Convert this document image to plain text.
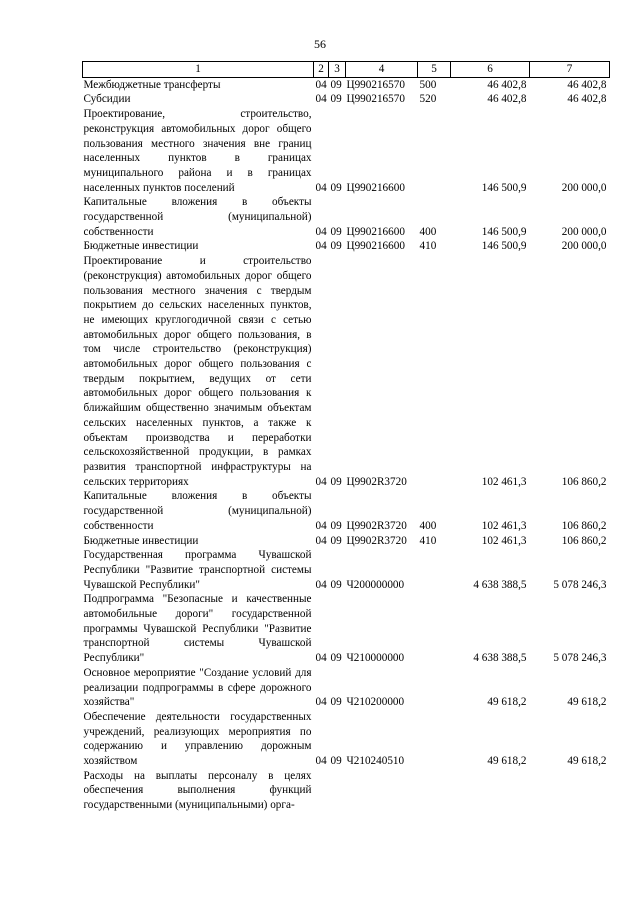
56
1	2	3	4	5	6	7
Межбюджетные трансферты	04	09	Ц990216570	500	46 402,8	46 402,8
Субсидии	04	09	Ц990216570	520	46 402,8	46 402,8
Проектирование, строительство, реконструкция автомобильных дорог общего пользования местного значения вне границ населенных пунктов в границах муниципального района и в границах населенных пунктов поселений	04	09	Ц990216600		146 500,9	200 000,0
Капитальные вложения в объекты государственной (муниципальной) собственности	04	09	Ц990216600	400	146 500,9	200 000,0
Бюджетные инвестиции	04	09	Ц990216600	410	146 500,9	200 000,0
Проектирование и строительство (реконструкция) автомобильных дорог общего пользования местного значения с твердым покрытием до сельских населенных пунктов, не имеющих круглогодичной связи с сетью автомобильных дорог общего пользования, в том числе строительство (реконструкция) автомобильных дорог общего пользования с твердым покрытием, ведущих от сети автомобильных дорог общего пользования к ближайшим общественно значимым объектам сельских населенных пунктов, а также к объектам производства и переработки сельскохозяйственной продукции, в рамках развития транспортной инфраструктуры на сельских территориях	04	09	Ц9902R3720		102 461,3	106 860,2
Капитальные вложения в объекты государственной (муниципальной) собственности	04	09	Ц9902R3720	400	102 461,3	106 860,2
Бюджетные инвестиции	04	09	Ц9902R3720	410	102 461,3	106 860,2
Государственная программа Чувашской Республики "Развитие транспортной системы Чувашской Республики"	04	09	Ч200000000		4 638 388,5	5 078 246,3
Подпрограмма "Безопасные и качественные автомобильные дороги" государственной программы Чувашской Республики "Развитие транспортной системы Чувашской Республики"	04	09	Ч210000000		4 638 388,5	5 078 246,3
Основное мероприятие "Создание условий для реализации подпрограммы в сфере дорожного хозяйства"	04	09	Ч210200000		49 618,2	49 618,2
Обеспечение деятельности государственных учреждений, реализующих мероприятия по содержанию и управлению дорожным хозяйством	04	09	Ч210240510		49 618,2	49 618,2
Расходы на выплаты персоналу в целях обеспечения выполнения функций государственными (муниципальными) орга-						
